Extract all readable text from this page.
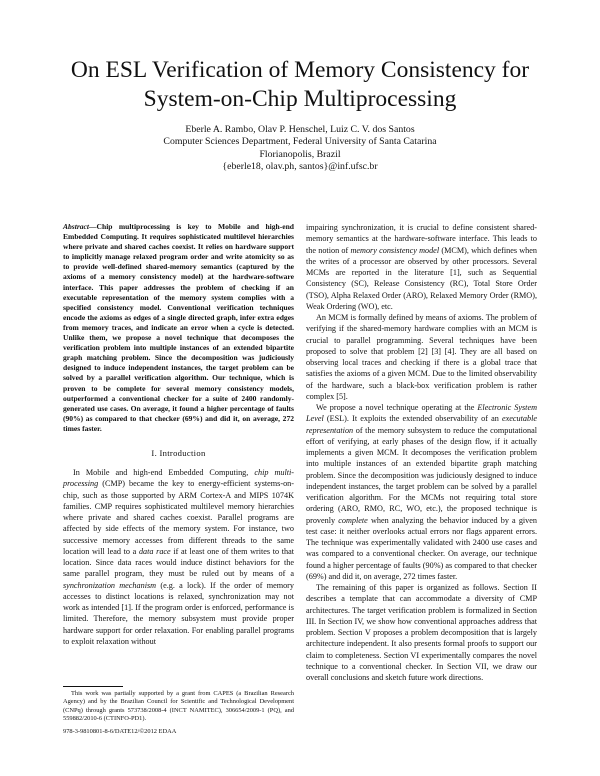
On ESL Verification of Memory Consistency for
System-on-Chip Multiprocessing
Eberle A. Rambo, Olav P. Henschel, Luiz C. V. dos Santos
Computer Sciences Department, Federal University of Santa Catarina
Florianopolis, Brazil
{eberle18, olav.ph, santos}@inf.ufsc.br
Abstract—Chip multiprocessing is key to Mobile and high-end Embedded Computing. It requires sophisticated multilevel hierarchies where private and shared caches coexist. It relies on hardware support to implicitly manage relaxed program order and write atomicity so as to provide well-defined shared-memory semantics (captured by the axioms of a memory consistency model) at the hardware-software interface. This paper addresses the problem of checking if an executable representation of the memory system complies with a specified consistency model. Conventional verification techniques encode the axioms as edges of a single directed graph, infer extra edges from memory traces, and indicate an error when a cycle is detected. Unlike them, we propose a novel technique that decomposes the verification problem into multiple instances of an extended bipartite graph matching problem. Since the decomposition was judiciously designed to induce independent instances, the target problem can be solved by a parallel verification algorithm. Our technique, which is proven to be complete for several memory consistency models, outperformed a conventional checker for a suite of 2400 randomly-generated use cases. On average, it found a higher percentage of faults (90%) as compared to that checker (69%) and did it, on average, 272 times faster.
I. Introduction

In Mobile and high-end Embedded Computing, chip multi-processing (CMP) became the key to energy-efficient systems-on-chip, such as those supported by ARM Cortex-A and MIPS 1074K families. CMP requires sophisticated multilevel memory hierarchies where private and shared caches coexist. Parallel programs are affected by side effects of the memory system. For instance, two successive memory accesses from different threads to the same location will lead to a data race if at least one of them writes to that location. Since data races would induce distinct behaviors for the same parallel program, they must be ruled out by means of a synchronization mechanism (e.g. a lock). If the order of memory accesses to distinct locations is relaxed, synchronization may not work as intended [1]. If the program order is enforced, performance is limited. Therefore, the memory subsystem must provide proper hardware support for order relaxation. For enabling parallel programs to exploit relaxation without

This work was partially supported by a grant from CAPES (a Brazilian Research Agency) and by the Brazilian Council for Scientific and Technological Development (CNPq) through grants 573738/2008-4 (INCT NAMITEC), 306654/2009-1 (PQ), and 559882/2010-6 (CTINFO-PD1).

978-3-9810801-8-6/DATE12/©2012 EDAA

impairing synchronization, it is crucial to define consistent shared-memory semantics at the hardware-software interface. This leads to the notion of memory consistency model (MCM), which defines when the writes of a processor are observed by other processors. Several MCMs are reported in the literature [1], such as Sequential Consistency (SC), Release Consistency (RC), Total Store Order (TSO), Alpha Relaxed Order (ARO), Relaxed Memory Order (RMO), Weak Ordering (WO), etc.

An MCM is formally defined by means of axioms. The problem of verifying if the shared-memory hardware complies with an MCM is crucial to parallel programming. Several techniques have been proposed to solve that problem [2] [3] [4]. They are all based on observing local traces and checking if there is a global trace that satisfies the axioms of a given MCM. Due to the limited observability of the hardware, such a black-box verification problem is rather complex [5].

We propose a novel technique operating at the Electronic System Level (ESL). It exploits the extended observability of an executable representation of the memory subsystem to reduce the computational effort of verifying, at early phases of the design flow, if it actually implements a given MCM. It decomposes the verification problem into multiple instances of an extended bipartite graph matching problem. Since the decomposition was judiciously designed to induce independent instances, the target problem can be solved by a parallel verification algorithm. For the MCMs not requiring total store ordering (ARO, RMO, RC, WO, etc.), the proposed technique is provenly complete when analyzing the behavior induced by a given test case: it neither overlooks actual errors nor flags apparent errors. The technique was experimentally validated with 2400 use cases and was compared to a conventional checker. On average, our technique found a higher percentage of faults (90%) as compared to that checker (69%) and did it, on average, 272 times faster.

The remaining of this paper is organized as follows. Section II describes a template that can accommodate a diversity of CMP architectures. The target verification problem is formalized in Section III. In Section IV, we show how conventional approaches address that problem. Section V proposes a problem decomposition that is largely architecture independent. It also presents formal proofs to support our claim to completeness. Section VI experimentally compares the novel technique to a conventional checker. In Section VII, we draw our overall conclusions and sketch future work directions.
